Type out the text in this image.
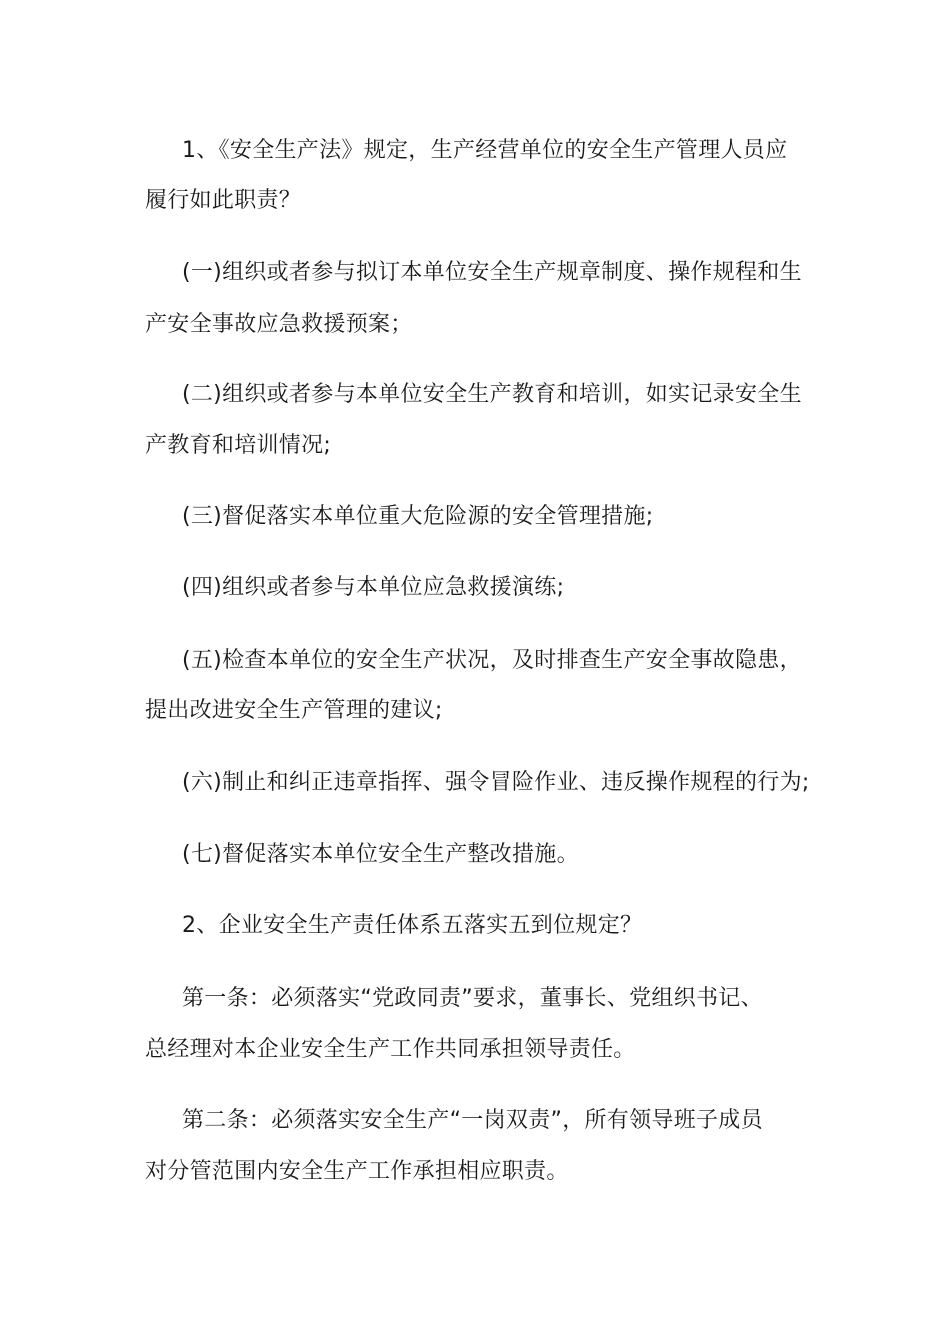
1、《安全生产法》规定，生产经营单位的安全生产管理人员应
履行如此职责？
(一)组织或者参与拟订本单位安全生产规章制度、操作规程和生
产安全事故应急救援预案；
(二)组织或者参与本单位安全生产教育和培训，如实记录安全生
产教育和培训情况;
(三)督促落实本单位重大危险源的安全管理措施;
(四)组织或者参与本单位应急救援演练;
(五)检查本单位的安全生产状况，及时排查生产安全事故隐患，
提出改进安全生产管理的建议;
(六)制止和纠正违章指挥、强令冒险作业、违反操作规程的行为;
(七)督促落实本单位安全生产整改措施。
2、企业安全生产责任体系五落实五到位规定？
第一条：必须落实“党政同责”要求，董事长、党组织书记、
总经理对本企业安全生产工作共同承担领导责任。
第二条：必须落实安全生产“一岗双责”，所有领导班子成员
对分管范围内安全生产工作承担相应职责。
